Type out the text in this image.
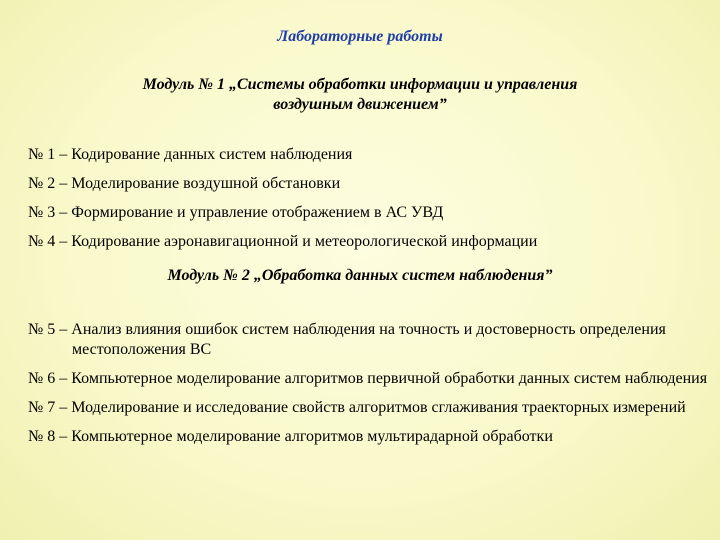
Лабораторные работы
Модуль № 1 „Системы обработки информации и управления
воздушным движением”
№ 1 – Кодирование данных систем наблюдения
№ 2 – Моделирование воздушной обстановки
№ 3 – Формирование и управление отображением в АС УВД
№ 4 – Кодирование аэронавигационной и метеорологической информации
Модуль № 2 „Обработка данных систем наблюдения”
№ 5 – Анализ влияния ошибок систем наблюдения на точность и достоверность определения местоположения ВС
№ 6 – Компьютерное моделирование алгоритмов первичной обработки данных систем наблюдения
№ 7 – Моделирование и исследование свойств алгоритмов сглаживания траекторных измерений
№ 8 – Компьютерное моделирование алгоритмов мультирадарной обработки
